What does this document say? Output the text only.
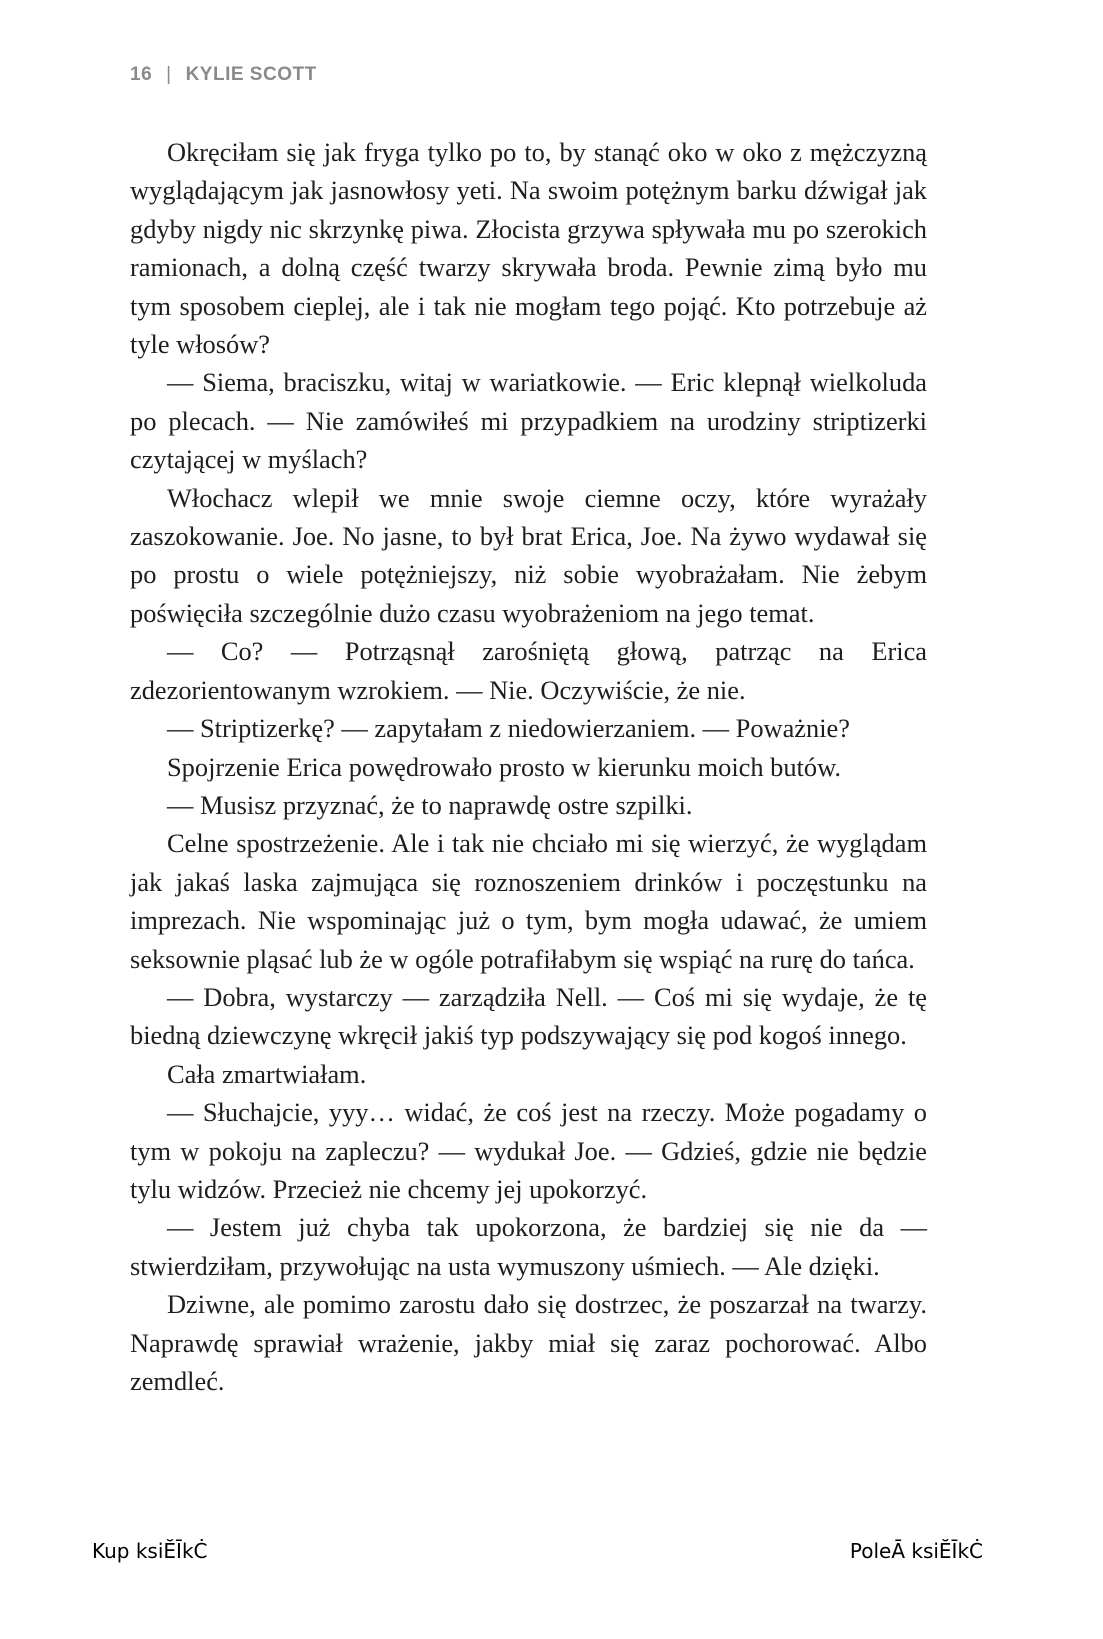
16 | KYLIE SCOTT

Okręciłam się jak fryga tylko po to, by stanąć oko w oko z mężczyzną wyglądającym jak jasnowłosy yeti. Na swoim potężnym barku dźwigał jak gdyby nigdy nic skrzynkę piwa. Złocista grzywa spływała mu po szerokich ramionach, a dolną część twarzy skrywała broda. Pewnie zimą było mu tym sposobem cieplej, ale i tak nie mogłam tego pojąć. Kto potrzebuje aż tyle włosów?

— Siema, braciszku, witaj w wariatkowie. — Eric klepnął wielkoluda po plecach. — Nie zamówiłeś mi przypadkiem na urodziny striptizerki czytającej w myślach?

Włochacz wlepił we mnie swoje ciemne oczy, które wyrażały zaszokowanie. Joe. No jasne, to był brat Erica, Joe. Na żywo wydawał się po prostu o wiele potężniejszy, niż sobie wyobrażałam. Nie żebym poświęciła szczególnie dużo czasu wyobrażeniom na jego temat.

— Co? — Potrząsnął zarośniętą głową, patrząc na Erica zdezorientowanym wzrokiem. — Nie. Oczywiście, że nie.

— Striptizerkę? — zapytałam z niedowierzaniem. — Poważnie?

Spojrzenie Erica powędrowało prosto w kierunku moich butów.

— Musisz przyznać, że to naprawdę ostre szpilki.

Celne spostrzeżenie. Ale i tak nie chciało mi się wierzyć, że wyglądam jak jakaś laska zajmująca się roznoszeniem drinków i poczęstunku na imprezach. Nie wspominając już o tym, bym mogła udawać, że umiem seksownie pląsać lub że w ogóle potrafiłabym się wspiąć na rurę do tańca.

— Dobra, wystarczy — zarządziła Nell. — Coś mi się wydaje, że tę biedną dziewczynę wkręcił jakiś typ podszywający się pod kogoś innego.

Cała zmartwiałam.

— Słuchajcie, yyy… widać, że coś jest na rzeczy. Może pogadamy o tym w pokoju na zapleczu? — wydukał Joe. — Gdzieś, gdzie nie będzie tylu widzów. Przecież nie chcemy jej upokorzyć.

— Jestem już chyba tak upokorzona, że bardziej się nie da — stwierdziłam, przywołując na usta wymuszony uśmiech. — Ale dzięki.

Dziwne, ale pomimo zarostu dało się dostrzec, że poszarzał na twarzy. Naprawdę sprawiał wrażenie, jakby miał się zaraz pochorować. Albo zemdleć.

Kup ksiĔĪkĊ	PoleĀ ksiĔĪkĊ
